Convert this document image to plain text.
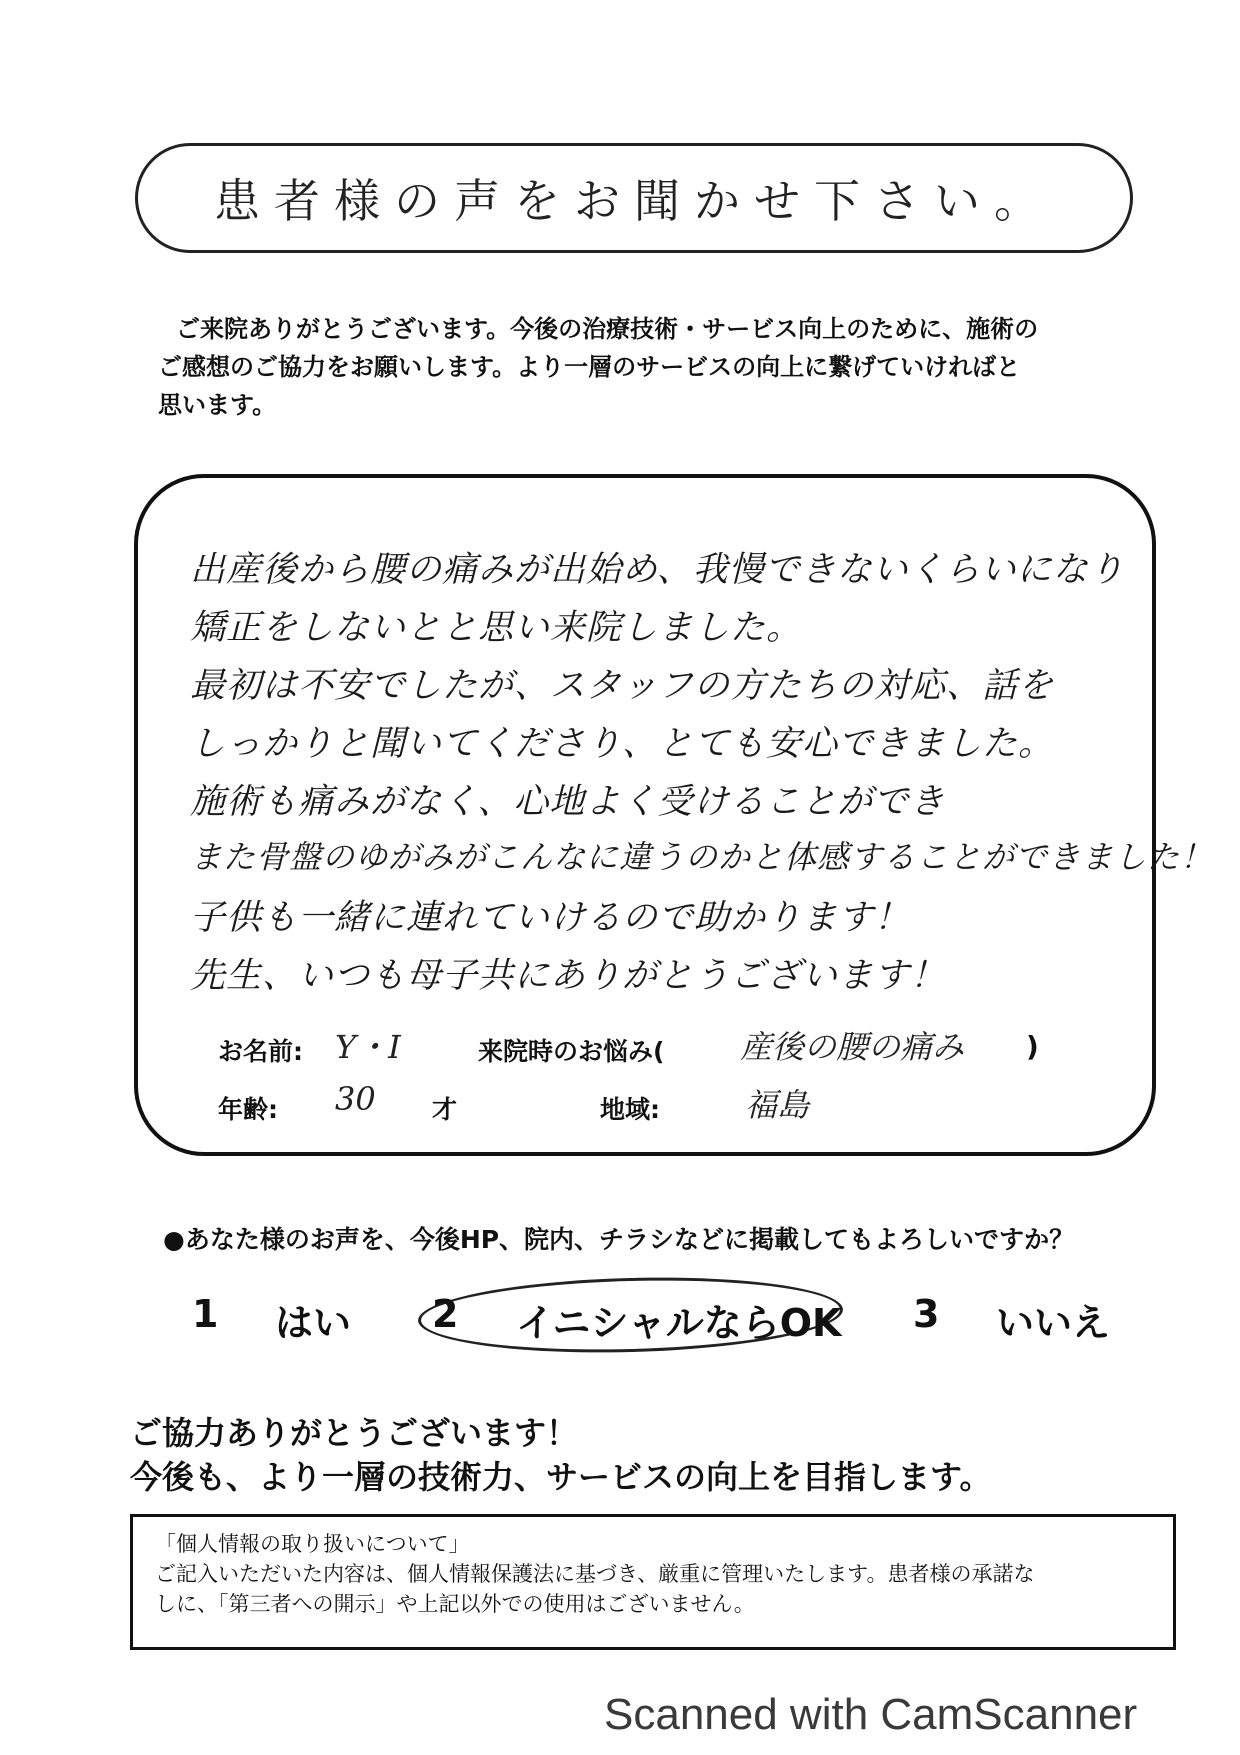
患者様の声をお聞かせ下さい。
ご来院ありがとうございます。今後の治療技術・サービス向上のために、施術の
ご感想のご協力をお願いします。より一層のサービスの向上に繋げていければと
思います。
出産後から腰の痛みが出始め、我慢できないくらいになり
矯正をしないとと思い来院しました。
最初は不安でしたが、スタッフの方たちの対応、話を
しっかりと聞いてくださり、とても安心できました。
施術も痛みがなく、心地よく受けることができ
また骨盤のゆがみがこんなに違うのかと体感することができました！
子供も一緒に連れていけるので助かります！
先生、いつも母子共にありがとうございます！
お名前: Y・I	来院時のお悩み( 産後の腰の痛み )
年齢: 30 才	地域:	福島
●あなた様のお声を、今後HP、院内、チラシなどに掲載してもよろしいですか？
1 はい 2 イニシャルならOK 3 いいえ
ご協力ありがとうございます！
今後も、より一層の技術力、サービスの向上を目指します。
「個人情報の取り扱いについて」
ご記入いただいた内容は、個人情報保護法に基づき、厳重に管理いたします。患者様の承諾な
しに、「第三者への開示」や上記以外での使用はございません。
Scanned with CamScanner
